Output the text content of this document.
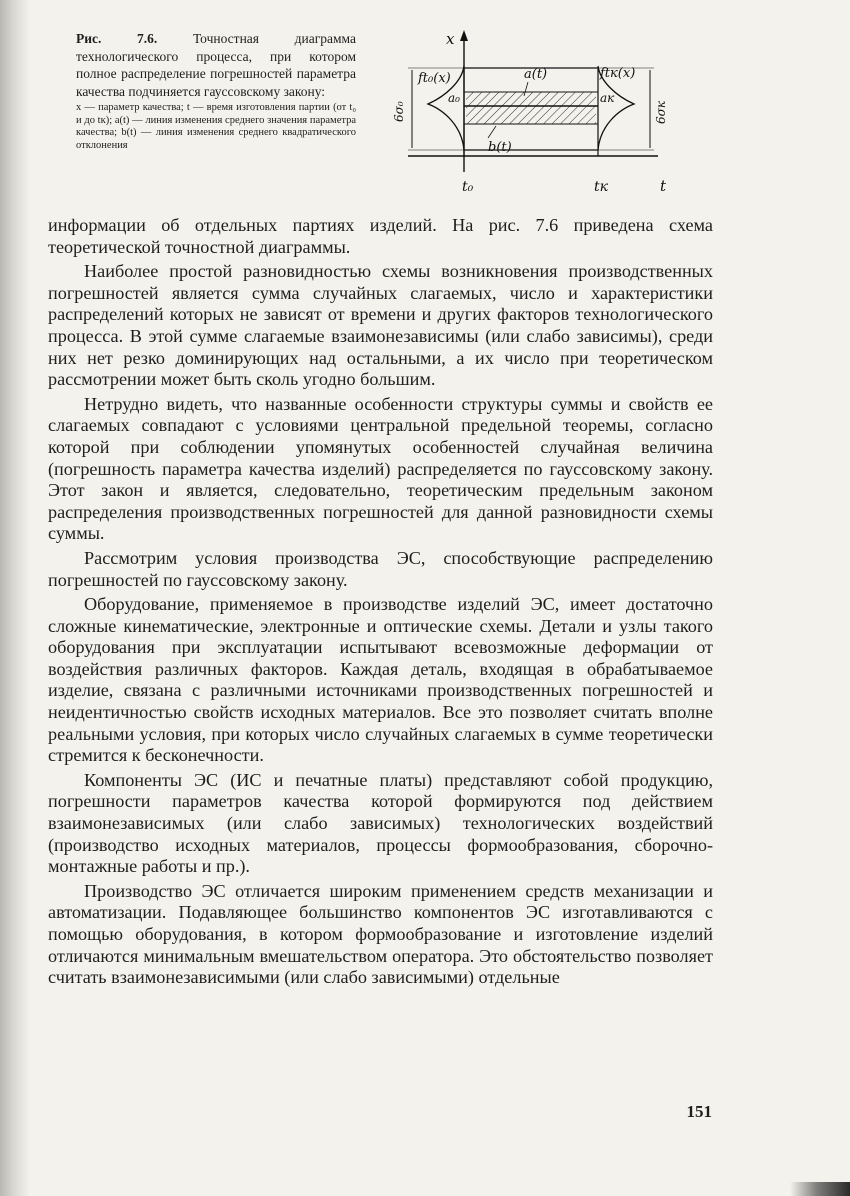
Рис. 7.6.	Точностная диаграмма технологического процесса, при котором полное распределение погрешностей параметра качества подчиняется гауссовскому закону:

x — параметр качества; t — время изготовления партии (от t₀ и до tк); a(t) — линия изменения среднего значения параметра качества; b(t) — линия изменения среднего квадратического отклонения

x
t
ft₀(x)	ftк(x)
a(t)
b(t)
a₀	aк
6σ₀	6σк
t₀	tк

информации об отдельных партиях изделий. На рис. 7.6 приведена схема теоретической точностной диаграммы.

Наиболее простой разновидностью схемы возникновения производственных погрешностей является сумма случайных слагаемых, число и характеристики распределений которых не зависят от времени и других факторов технологического процесса. В этой сумме слагаемые взаимонезависимы (или слабо зависимы), среди них нет резко доминирующих над остальными, а их число при теоретическом рассмотрении может быть сколь угодно большим.

Нетрудно видеть, что названные особенности структуры суммы и свойств ее слагаемых совпадают с условиями центральной предельной теоремы, согласно которой при соблюдении упомянутых особенностей случайная величина (погрешность параметра качества изделий) распределяется по гауссовскому закону. Этот закон и является, следовательно, теоретическим предельным законом распределения производственных погрешностей для данной разновидности схемы суммы.

Рассмотрим условия производства ЭС, способствующие распределению погрешностей по гауссовскому закону.

Оборудование, применяемое в производстве изделий ЭС, имеет достаточно сложные кинематические, электронные и оптические схемы. Детали и узлы такого оборудования при эксплуатации испытывают всевозможные деформации от воздействия различных факторов. Каждая деталь, входящая в обрабатываемое изделие, связана с различными источниками производственных погрешностей и неидентичностью свойств исходных материалов. Все это позволяет считать вполне реальными условия, при которых число случайных слагаемых в сумме теоретически стремится к бесконечности.

Компоненты ЭС (ИС и печатные платы) представляют собой продукцию, погрешности параметров качества которой формируются под действием взаимонезависимых (или слабо зависимых) технологических воздействий (производство исходных материалов, процессы формообразования, сборочно-монтажные работы и пр.).

Производство ЭС отличается широким применением средств механизации и автоматизации. Подавляющее большинство компонентов ЭС изготавливаются с помощью оборудования, в котором формообразование и изготовление изделий отличаются минимальным вмешательством оператора. Это обстоятельство позволяет считать взаимонезависимыми (или слабо зависимыми) отдельные

151
